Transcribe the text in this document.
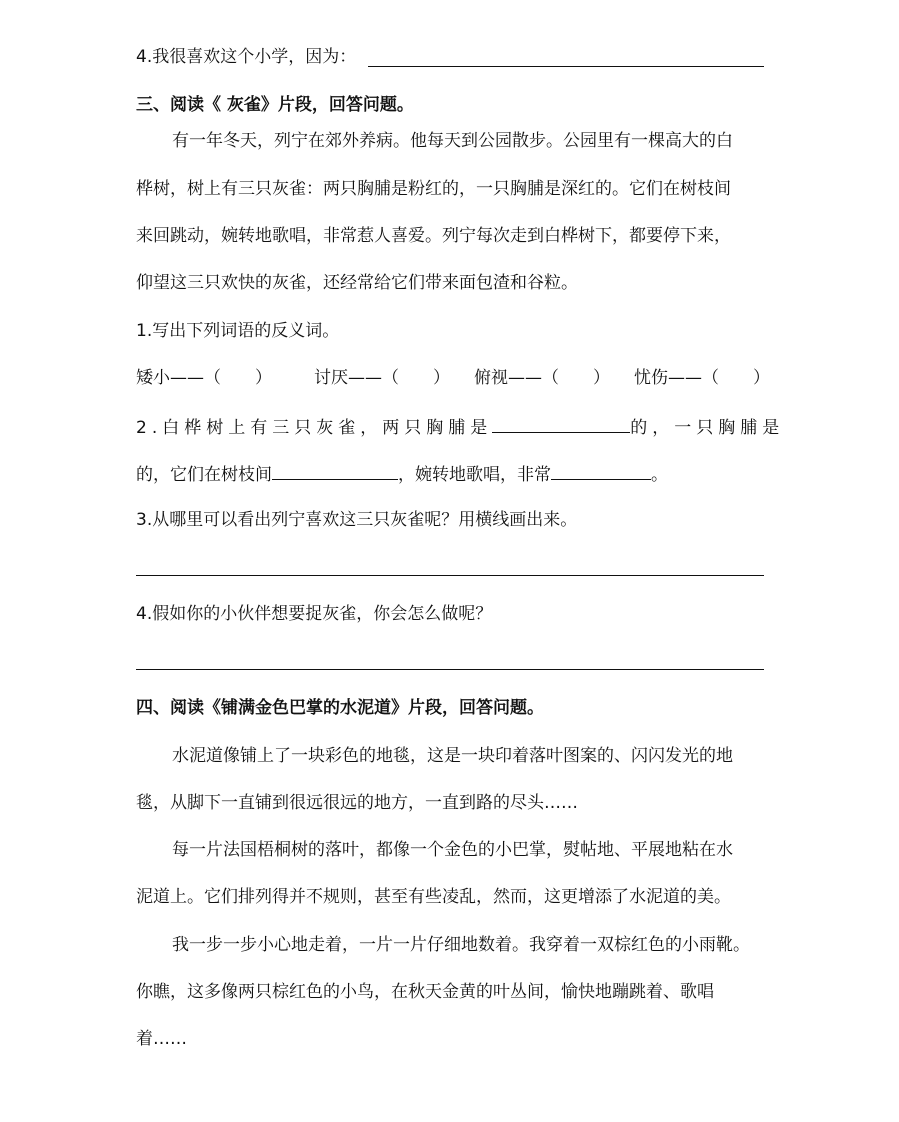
4.我很喜欢这个小学，因为：
三、阅读《 灰雀》片段，回答问题。
有一年冬天，列宁在郊外养病。他每天到公园散步。公园里有一棵高大的白
桦树，树上有三只灰雀：两只胸脯是粉红的，一只胸脯是深红的。它们在树枝间
来回跳动，婉转地歌唱，非常惹人喜爱。列宁每次走到白桦树下，都要停下来，
仰望这三只欢快的灰雀，还经常给它们带来面包渣和谷粒。
1.写出下列词语的反义词。
矮小——（　　） 讨厌——（　　） 俯视——（　　） 忧伤——（　　）
2.白桦树上有三只灰雀，两只胸脯是	的，一只胸脯是
的，它们在树枝间	，婉转地歌唱，非常	。
3.从哪里可以看出列宁喜欢这三只灰雀呢？用横线画出来。
4.假如你的小伙伴想要捉灰雀，你会怎么做呢？
四、阅读《铺满金色巴掌的水泥道》片段，回答问题。
水泥道像铺上了一块彩色的地毯，这是一块印着落叶图案的、闪闪发光的地
毯，从脚下一直铺到很远很远的地方，一直到路的尽头……
每一片法国梧桐树的落叶，都像一个金色的小巴掌，熨帖地、平展地粘在水
泥道上。它们排列得并不规则，甚至有些凌乱，然而，这更增添了水泥道的美。
我一步一步小心地走着，一片一片仔细地数着。我穿着一双棕红色的小雨靴。
你瞧，这多像两只棕红色的小鸟，在秋天金黄的叶丛间，愉快地蹦跳着、歌唱
着……
